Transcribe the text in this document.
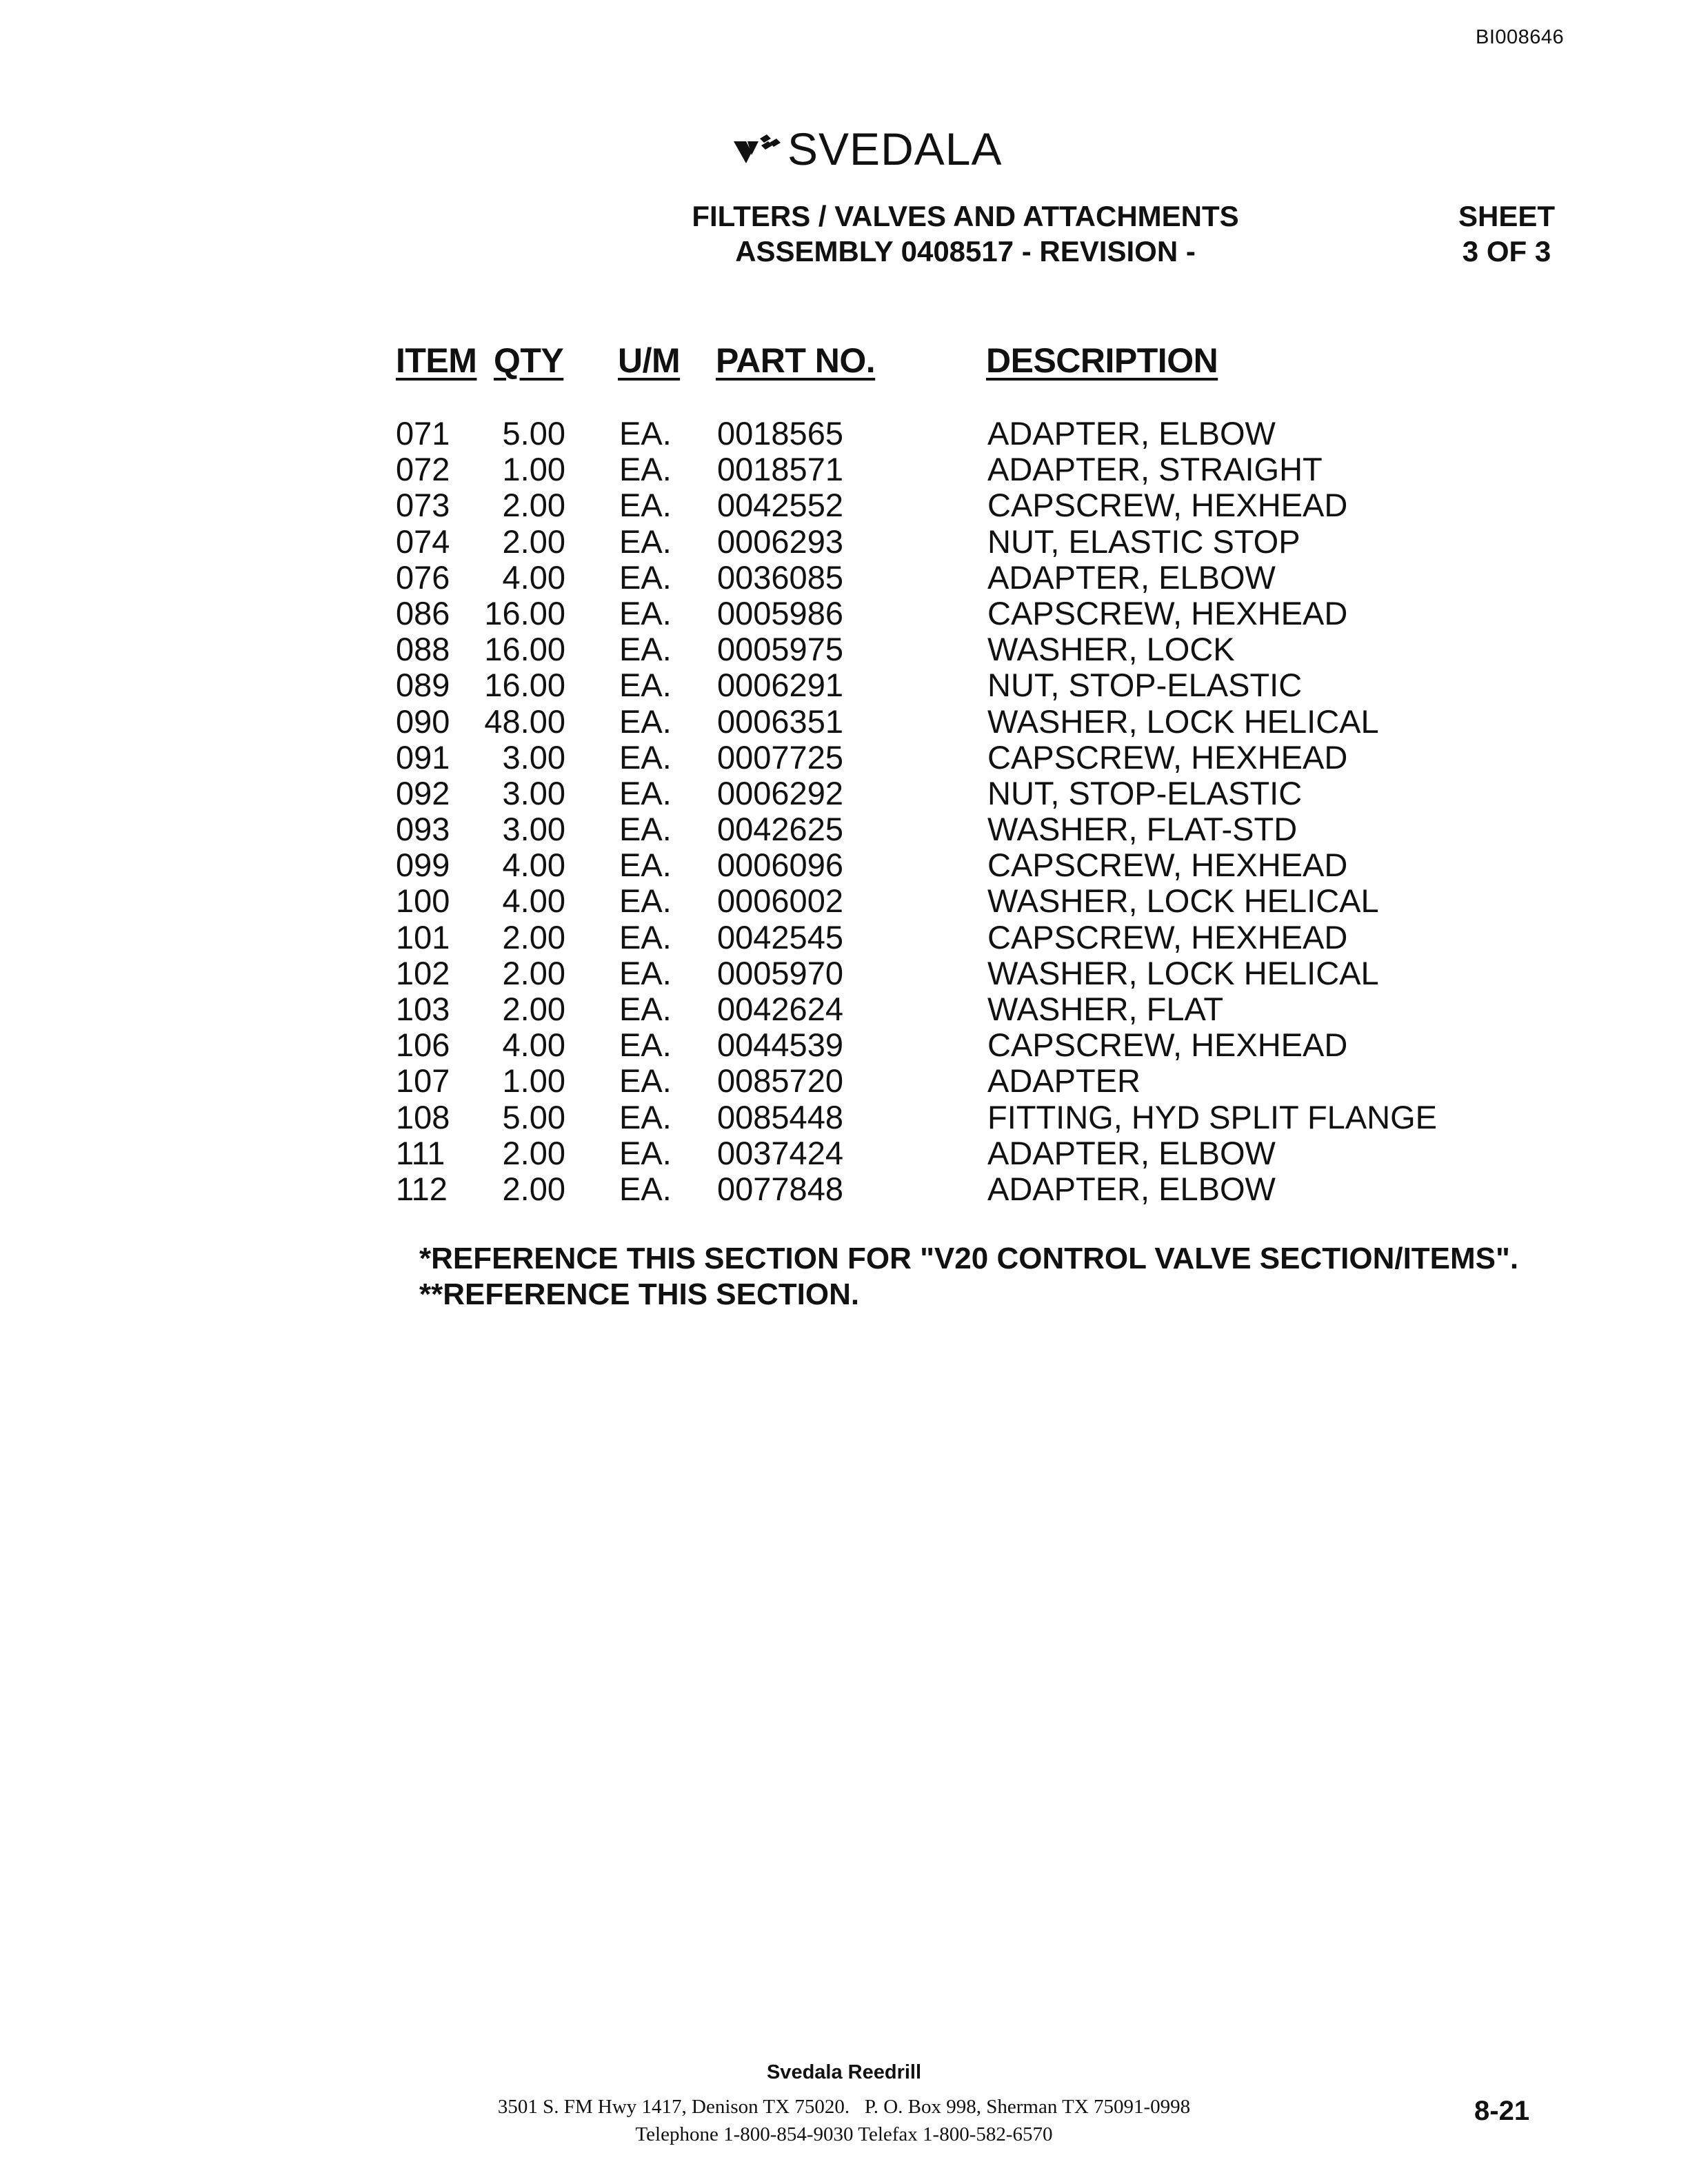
BI008646
SVEDALA
FILTERS / VALVES AND ATTACHMENTS
ASSEMBLY 0408517 - REVISION -
SHEET
3 OF 3
ITEM QTY U/M PART NO.	DESCRIPTION
071	5.00 EA. 0018565	ADAPTER, ELBOW
072	1.00 EA. 0018571	ADAPTER, STRAIGHT
073	2.00 EA. 0042552	CAPSCREW, HEXHEAD
074	2.00 EA. 0006293	NUT, ELASTIC STOP
076	4.00 EA. 0036085	ADAPTER, ELBOW
086 16.00 EA. 0005986	CAPSCREW, HEXHEAD
088 16.00 EA. 0005975	WASHER, LOCK
089 16.00 EA. 0006291	NUT, STOP-ELASTIC
090 48.00 EA. 0006351	WASHER, LOCK HELICAL
091	3.00 EA. 0007725	CAPSCREW, HEXHEAD
092	3.00 EA. 0006292	NUT, STOP-ELASTIC
093	3.00 EA. 0042625	WASHER, FLAT-STD
099	4.00 EA. 0006096	CAPSCREW, HEXHEAD
100	4.00 EA. 0006002	WASHER, LOCK HELICAL
101	2.00 EA. 0042545	CAPSCREW, HEXHEAD
102	2.00 EA. 0005970	WASHER, LOCK HELICAL
103	2.00 EA. 0042624	WASHER, FLAT
106	4.00 EA. 0044539	CAPSCREW, HEXHEAD
107	1.00 EA. 0085720	ADAPTER
108	5.00 EA. 0085448	FITTING, HYD SPLIT FLANGE
111	2.00 EA. 0037424	ADAPTER, ELBOW
112	2.00 EA. 0077848	ADAPTER, ELBOW
*REFERENCE THIS SECTION FOR "V20 CONTROL VALVE SECTION/ITEMS".
**REFERENCE THIS SECTION.
Svedala Reedrill
3501 S. FM Hwy 1417, Denison TX 75020.   P. O. Box 998, Sherman TX 75091-0998
Telephone 1-800-854-9030 Telefax 1-800-582-6570
8-21
